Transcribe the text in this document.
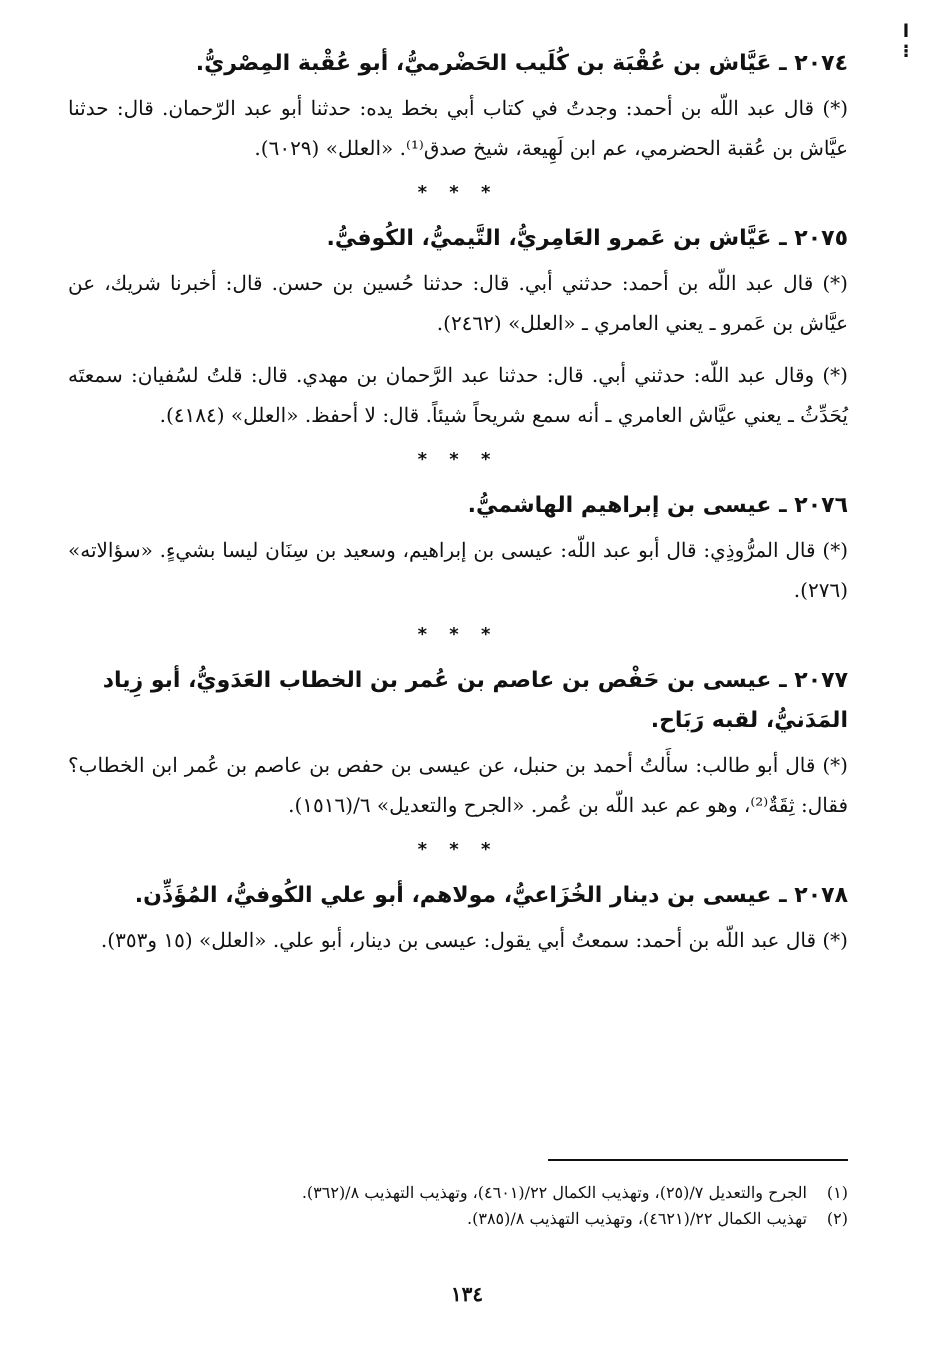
ا
⁝

٢٠٧٤ ـ عَيَّاش بن عُقْبَة بن كُلَيب الحَضْرميُّ، أبو عُقْبة المِصْريُّ.

(*) قال عبد اللّه بن أحمد: وجدتُ في كتاب أبي بخط يده: حدثنا أبو عبد الرّحمان. قال: حدثنا عيَّاش بن عُقبة الحضرمي، عم ابن لَهِيعة، شيخ صدق⁽¹⁾. «العلل» (٦٠٢٩).

* * *

٢٠٧٥ ـ عَيَّاش بن عَمرو العَامِريُّ، التَّيميُّ، الكُوفيُّ.

(*) قال عبد اللّه بن أحمد: حدثني أبي. قال: حدثنا حُسين بن حسن. قال: أخبرنا شريك، عن عيَّاش بن عَمرو ـ يعني العامري ـ «العلل» (٢٤٦٢).

(*) وقال عبد اللّه: حدثني أبي. قال: حدثنا عبد الرَّحمان بن مهدي. قال: قلتُ لسُفيان: سمعتَه يُحَدِّثُ ـ يعني عيَّاش العامري ـ أنه سمع شريحاً شيئاً. قال: لا أحفظ. «العلل» (٤١٨٤).

* * *

٢٠٧٦ ـ عيسى بن إبراهيم الهاشميُّ.

(*) قال المرُّوذِي: قال أبو عبد اللّه: عيسى بن إبراهيم، وسعيد بن سِنَان ليسا بشيءٍ. «سؤالاته» (٢٧٦).

* * *

٢٠٧٧ ـ عيسى بن حَفْص بن عاصم بن عُمر بن الخطاب العَدَويُّ، أبو زِياد المَدَنيُّ، لقبه رَبَاح.

(*) قال أبو طالب: سأَلتُ أحمد بن حنبل، عن عيسى بن حفص بن عاصم بن عُمر ابن الخطاب؟ فقال: ثِقَةٌ⁽²⁾، وهو عم عبد اللّه بن عُمر. «الجرح والتعديل» ٦/(١٥١٦).

* * *

٢٠٧٨ ـ عيسى بن دينار الخُزَاعيُّ، مولاهم، أبو علي الكُوفيُّ، المُؤَذِّن.

(*) قال عبد اللّه بن أحمد: سمعتُ أبي يقول: عيسى بن دينار، أبو علي. «العلل» (١٥ و٣٥٣).

(١) الجرح والتعديل ٧/(٢٥)، وتهذيب الكمال ٢٢/(٤٦٠١)، وتهذيب التهذيب ٨/(٣٦٢).

(٢) تهذيب الكمال ٢٢/(٤٦٢١)، وتهذيب التهذيب ٨/(٣٨٥).

١٣٤
